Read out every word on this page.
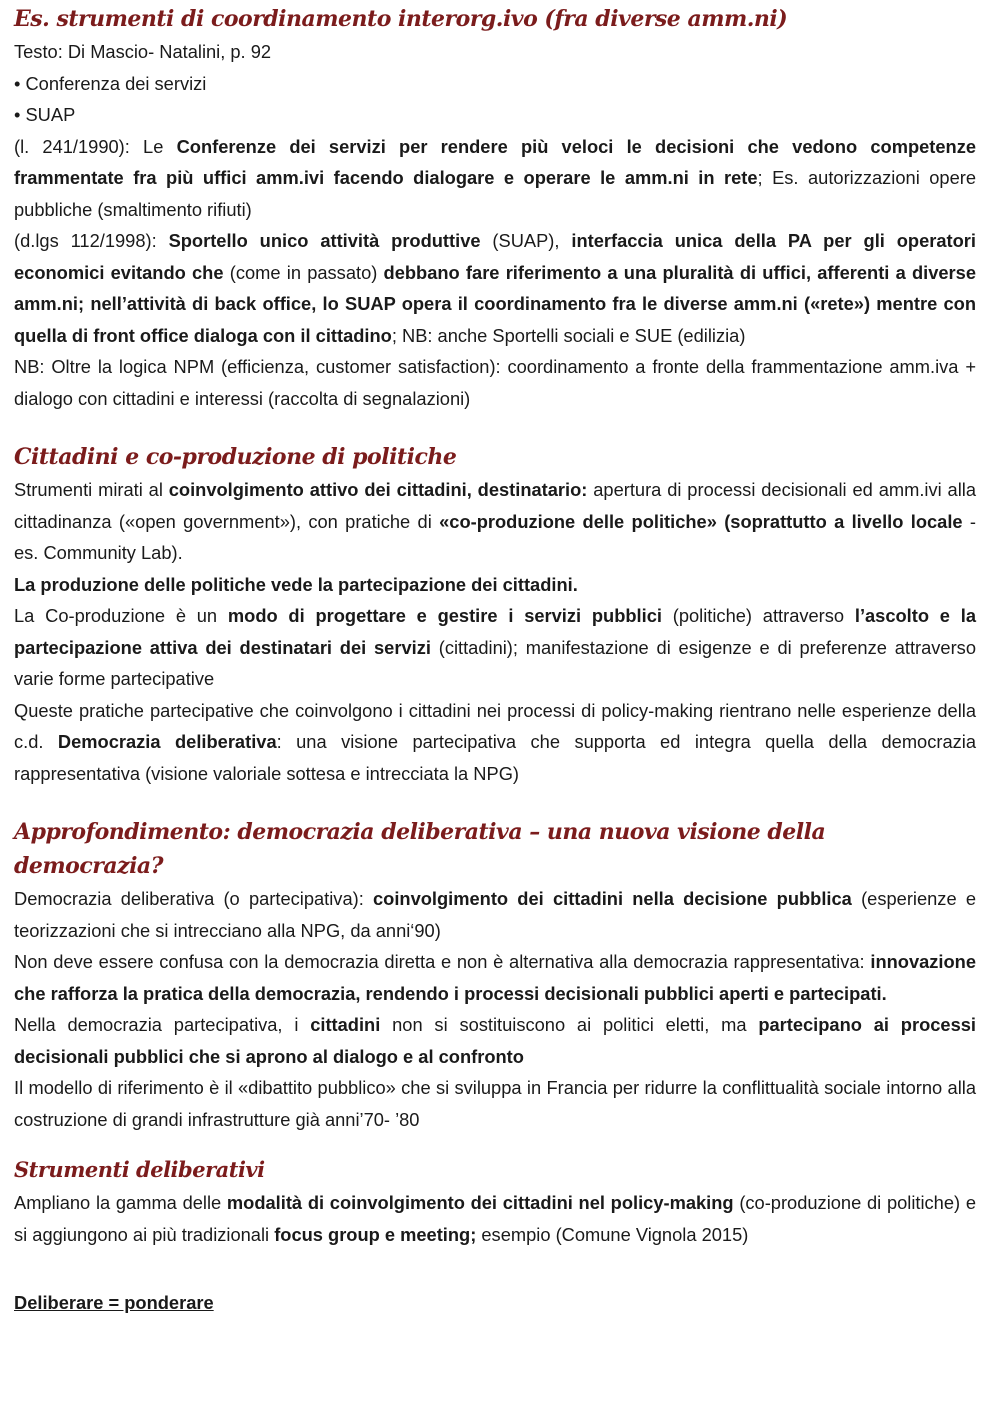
Es. strumenti di coordinamento interorg.ivo (fra diverse amm.ni)

Testo: Di Mascio- Natalini, p. 92

• Conferenza dei servizi

• SUAP

(l. 241/1990): Le Conferenze dei servizi per rendere più veloci le decisioni che vedono competenze frammentate fra più uffici amm.ivi facendo dialogare e operare le amm.ni in rete; Es. autorizzazioni opere pubbliche (smaltimento rifiuti)

(d.lgs 112/1998): Sportello unico attività produttive (SUAP), interfaccia unica della PA per gli operatori economici evitando che (come in passato) debbano fare riferimento a una pluralità di uffici, afferenti a diverse amm.ni; nell’attività di back office, lo SUAP opera il coordinamento fra le diverse amm.ni («rete») mentre con quella di front office dialoga con il cittadino; NB: anche Sportelli sociali e SUE (edilizia)

NB: Oltre la logica NPM (efficienza, customer satisfaction): coordinamento a fronte della frammentazione amm.iva + dialogo con cittadini e interessi (raccolta di segnalazioni)

Cittadini e co-produzione di politiche

Strumenti mirati al coinvolgimento attivo dei cittadini, destinatario: apertura di processi decisionali ed amm.ivi alla cittadinanza («open government»), con pratiche di «co-produzione delle politiche» (soprattutto a livello locale - es. Community Lab).

La produzione delle politiche vede la partecipazione dei cittadini.

La Co-produzione è un modo di progettare e gestire i servizi pubblici (politiche) attraverso l’ascolto e la partecipazione attiva dei destinatari dei servizi (cittadini); manifestazione di esigenze e di preferenze attraverso varie forme partecipative

Queste pratiche partecipative che coinvolgono i cittadini nei processi di policy-making rientrano nelle esperienze della c.d. Democrazia deliberativa: una visione partecipativa che supporta ed integra quella della democrazia rappresentativa (visione valoriale sottesa e intrecciata la NPG)

Approfondimento: democrazia deliberativa – una nuova visione della democrazia?

Democrazia deliberativa (o partecipativa): coinvolgimento dei cittadini nella decisione pubblica (esperienze e teorizzazioni che si intrecciano alla NPG, da anni‘90)

Non deve essere confusa con la democrazia diretta e non è alternativa alla democrazia rappresentativa: innovazione che rafforza la pratica della democrazia, rendendo i processi decisionali pubblici aperti e partecipati.

Nella democrazia partecipativa, i cittadini non si sostituiscono ai politici eletti, ma partecipano ai processi decisionali pubblici che si aprono al dialogo e al confronto

Il modello di riferimento è il «dibattito pubblico» che si sviluppa in Francia per ridurre la conflittualità sociale intorno alla costruzione di grandi infrastrutture già anni’70- ’80

Strumenti deliberativi

Ampliano la gamma delle modalità di coinvolgimento dei cittadini nel policy-making (co-produzione di politiche) e si aggiungono ai più tradizionali focus group e meeting; esempio (Comune Vignola 2015)

Deliberare = ponderare
